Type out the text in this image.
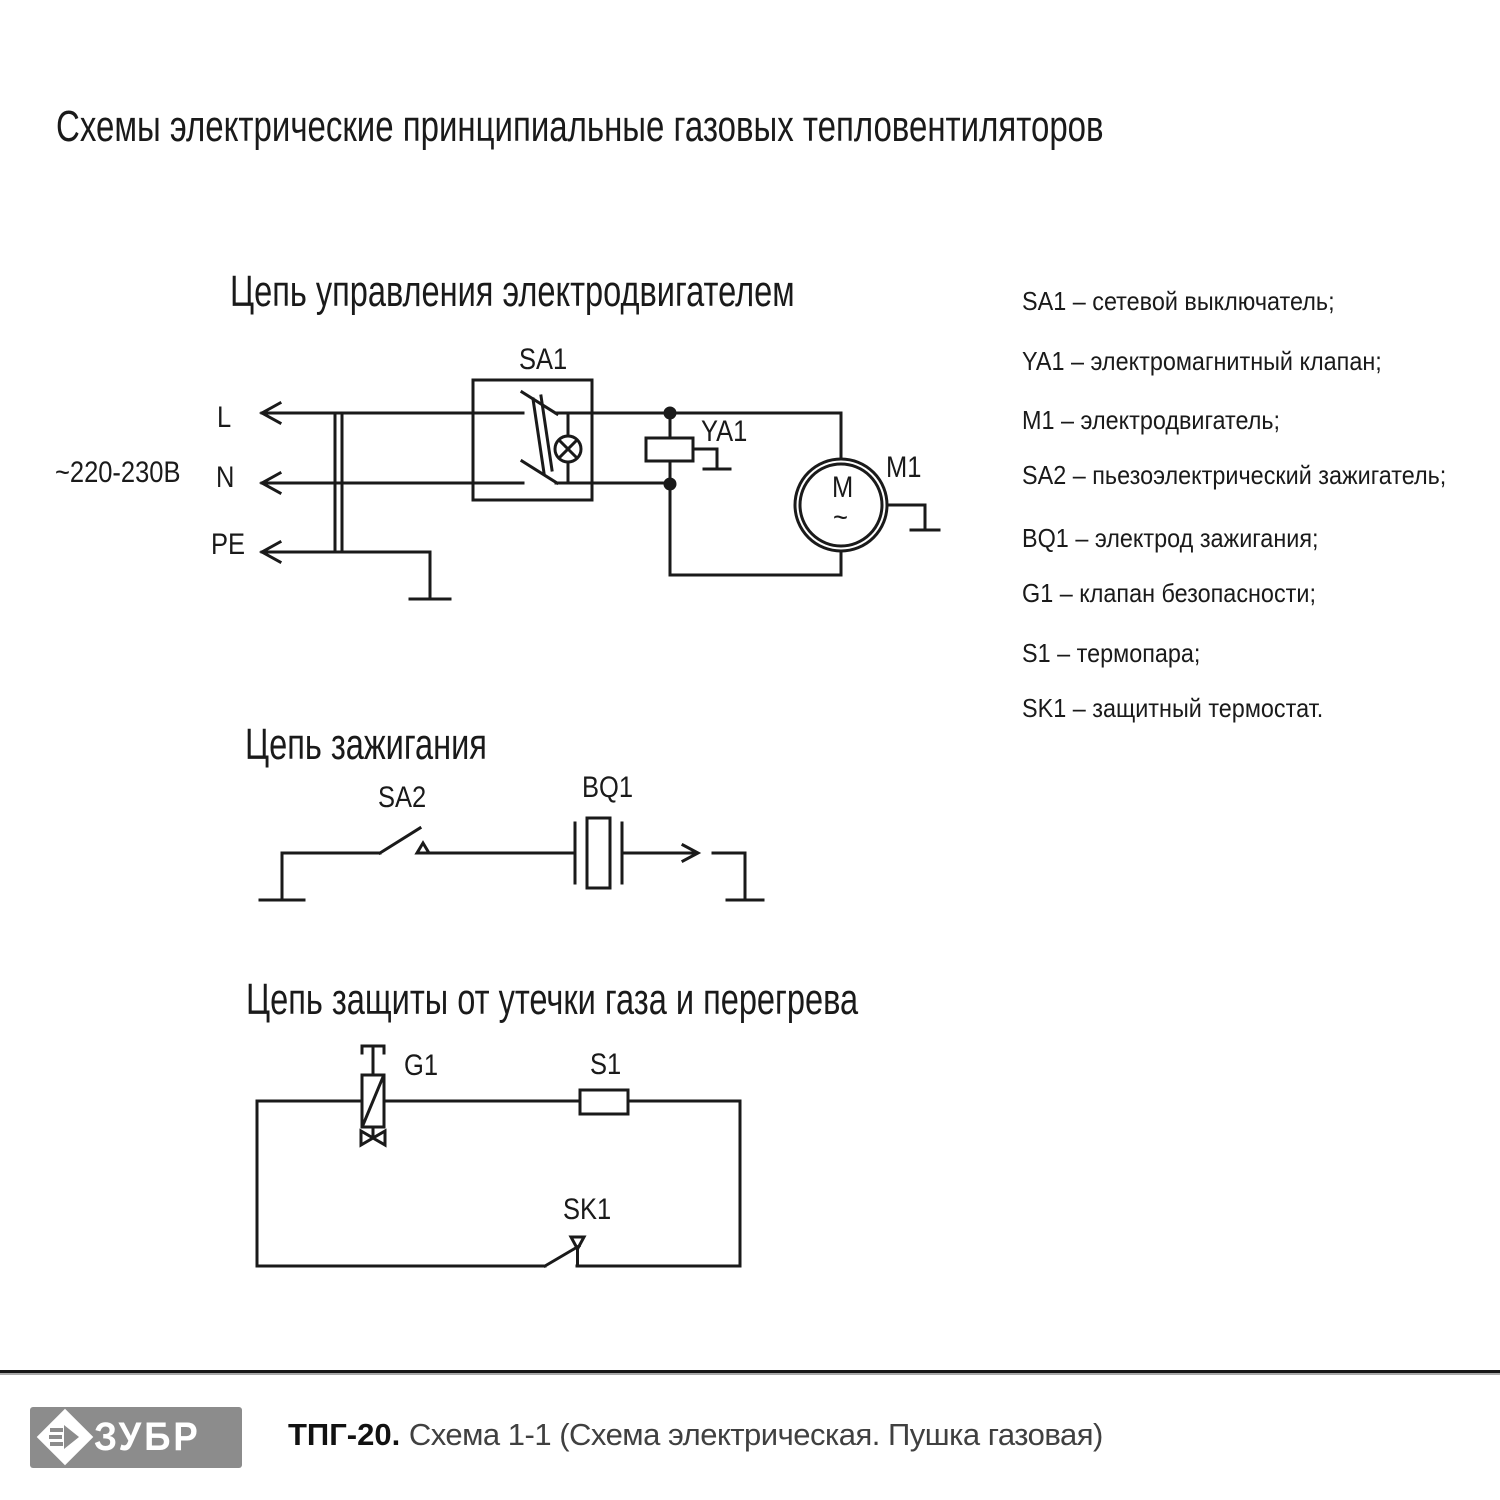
Схемы электрические принципиальные газовых тепловентиляторов
Цепь управления электродвигателем
Цепь зажигания
Цепь защиты от утечки газа и перегрева
~220-230В
L
N
PE
SA1
YA1
M1
M
~
SA2	BQ1
G1	S1
SK1
SA1 – сетевой выключатель;
YA1 – электромагнитный клапан;
M1 – электродвигатель;
SA2 – пьезоэлектрический зажигатель;
BQ1 – электрод зажигания;
G1 – клапан безопасности;
S1 – термопара;
SK1 – защитный термостат.
ЗУБР	ТПГ-20. Схема 1-1 (Схема электрическая. Пушка газовая)
